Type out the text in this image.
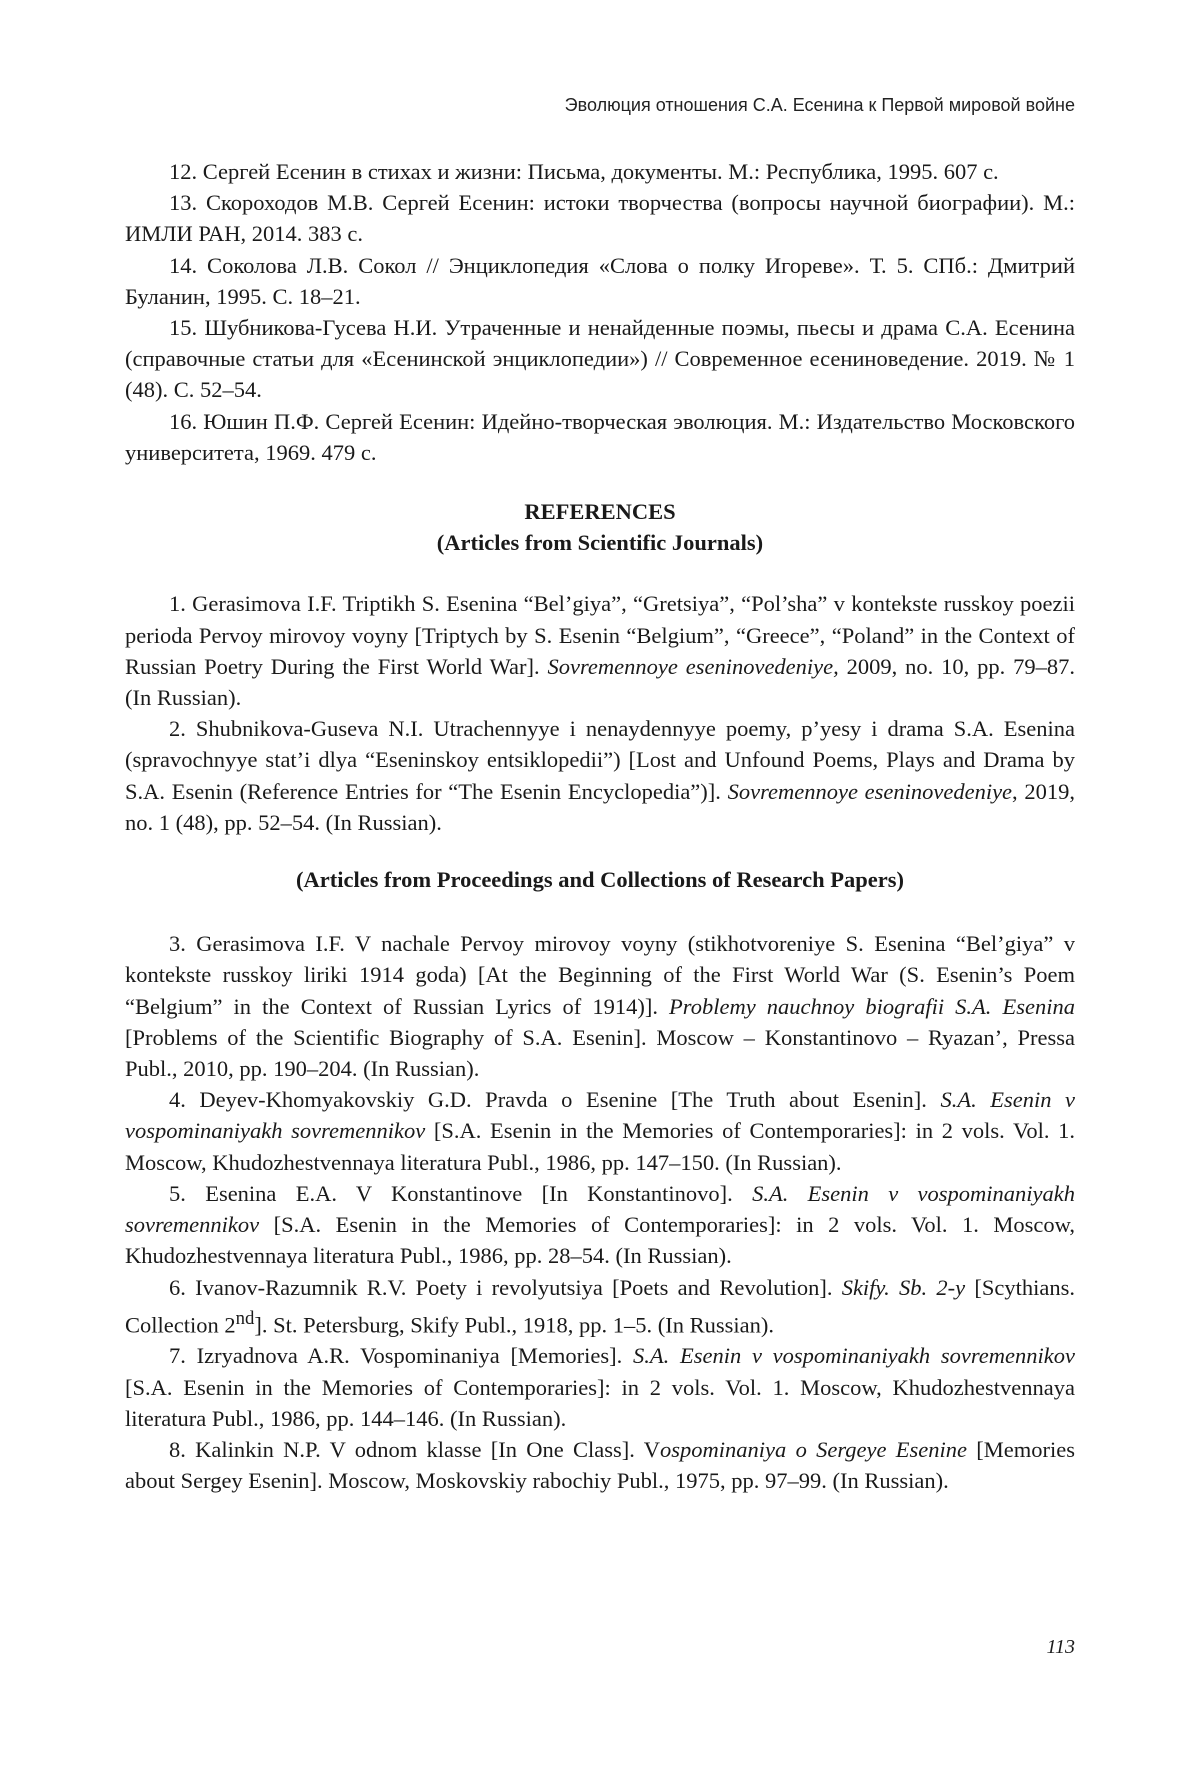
Эволюция отношения С.А. Есенина к Первой мировой войне

12. Сергей Есенин в стихах и жизни: Письма, документы. М.: Республика, 1995. 607 с.

13. Скороходов М.В. Сергей Есенин: истоки творчества (вопросы научной биографии). М.: ИМЛИ РАН, 2014. 383 с.

14. Соколова Л.В. Сокол // Энциклопедия «Слова о полку Игореве». Т. 5. СПб.: Дмитрий Буланин, 1995. С. 18–21.

15. Шубникова-Гусева Н.И. Утраченные и ненайденные поэмы, пьесы и драма С.А. Есенина (справочные статьи для «Есенинской энциклопедии») // Современное есениноведение. 2019. № 1 (48). С. 52–54.

16. Юшин П.Ф. Сергей Есенин: Идейно-творческая эволюция. М.: Издательство Московского университета, 1969. 479 с.

REFERENCES

(Articles from Scientific Journals)

1. Gerasimova I.F. Triptikh S. Esenina “Bel’giya”, “Gretsiya”, “Pol’sha” v kontekste russkoy poezii perioda Pervoy mirovoy voyny [Triptych by S. Esenin “Belgium”, “Greece”, “Poland” in the Context of Russian Poetry During the First World War]. Sovremennoye eseninovedeniye, 2009, no. 10, pp. 79–87. (In Russian).

2. Shubnikova-Guseva N.I. Utrachennyye i nenaydennyye poemy, p’yesy i drama S.A. Esenina (spravochnyye stat’i dlya “Eseninskoy entsiklopedii”) [Lost and Unfound Poems, Plays and Drama by S.A. Esenin (Reference Entries for “The Esenin Encyclopedia”)]. Sovremennoye eseninovedeniye, 2019, no. 1 (48), pp. 52–54. (In Russian).

(Articles from Proceedings and Collections of Research Papers)

3. Gerasimova I.F. V nachale Pervoy mirovoy voyny (stikhotvoreniye S. Esenina “Bel’giya” v kontekste russkoy liriki 1914 goda) [At the Beginning of the First World War (S. Esenin’s Poem “Belgium” in the Context of Russian Lyrics of 1914)]. Problemy nauchnoy biografii S.A. Esenina [Problems of the Scientific Biography of S.A. Esenin]. Moscow – Konstantinovo – Ryazan’, Pressa Publ., 2010, pp. 190–204. (In Russian).

4. Deyev-Khomyakovskiy G.D. Pravda o Esenine [The Truth about Esenin]. S.A. Esenin v vospominaniyakh sovremennikov [S.A. Esenin in the Memories of Contemporaries]: in 2 vols. Vol. 1. Moscow, Khudozhestvennaya literatura Publ., 1986, pp. 147–150. (In Russian).

5. Esenina E.A. V Konstantinove [In Konstantinovo]. S.A. Esenin v vospominaniyakh sovremennikov [S.A. Esenin in the Memories of Contemporaries]: in 2 vols. Vol. 1. Moscow, Khudozhestvennaya literatura Publ., 1986, pp. 28–54. (In Russian).

6. Ivanov-Razumnik R.V. Poety i revolyutsiya [Poets and Revolution]. Skify. Sb. 2-y [Scythians. Collection 2nd]. St. Petersburg, Skify Publ., 1918, pp. 1–5. (In Russian).

7. Izryadnova A.R. Vospominaniya [Memories]. S.A. Esenin v vospominaniyakh sovremennikov [S.A. Esenin in the Memories of Contemporaries]: in 2 vols. Vol. 1. Moscow, Khudozhestvennaya literatura Publ., 1986, pp. 144–146. (In Russian).

8. Kalinkin N.P. V odnom klasse [In One Class]. Vospominaniya o Sergeye Esenine [Memories about Sergey Esenin]. Moscow, Moskovskiy rabochiy Publ., 1975, pp. 97–99. (In Russian).

113
